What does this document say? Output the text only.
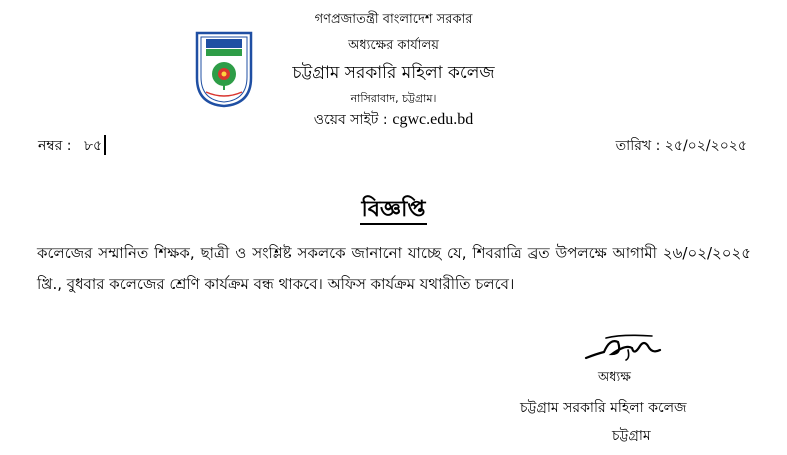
গণপ্রজাতন্ত্রী বাংলাদেশ সরকার
অধ্যক্ষের কার্যালয়
চট্টগ্রাম সরকারি মহিলা কলেজ
নাসিরাবাদ, চট্টগ্রাম।
ওয়েব সাইট : cgwc.edu.bd
নম্বর : ৮৫	তারিখ : ২৫/০২/২০২৫
বিজ্ঞপ্তি
কলেজের সম্মানিত শিক্ষক, ছাত্রী ও সংশ্লিষ্ট সকলকে জানানো যাচ্ছে যে, শিবরাত্রি ব্রত উপলক্ষে আগামী ২৬/০২/২০২৫ খ্রি., বুধবার কলেজের শ্রেণি কার্যক্রম বন্ধ থাকবে। অফিস কার্যক্রম যথারীতি চলবে।
অধ্যক্ষ
চট্টগ্রাম সরকারি মহিলা কলেজ
চট্টগ্রাম
